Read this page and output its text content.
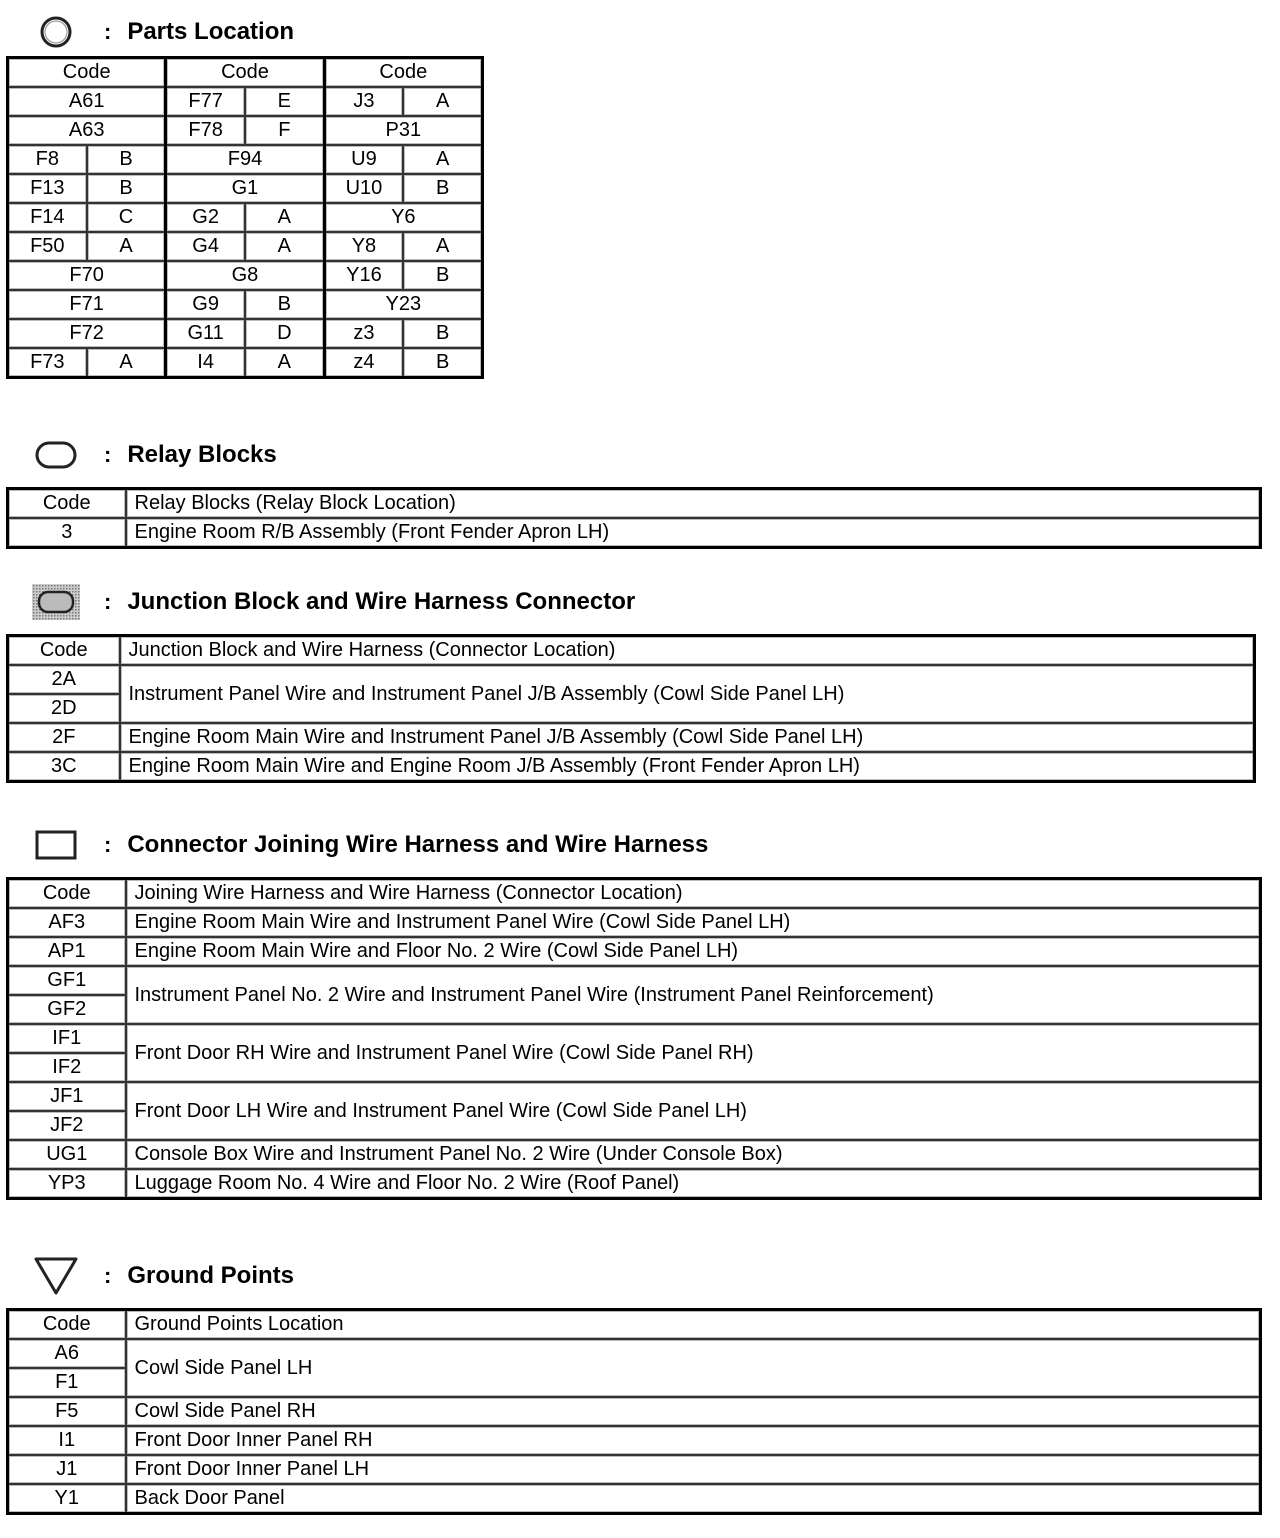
: Parts Location
Code		Code		Code	
A61		F77	E	J3	A
A63		F78	F	P31	
F8	B	F94		U9	A
F13	B	G1		U10	B
F14	C	G2	A	Y6	
F50	A	G4	A	Y8	A
F70		G8		Y16	B
F71		G9	B	Y23	
F72		G11	D	z3	B
F73	A	I4	A	z4	B
: Relay Blocks
Code	Relay Blocks (Relay Block Location)
3	Engine Room R/B Assembly (Front Fender Apron LH)
: Junction Block and Wire Harness Connector
Code	Junction Block and Wire Harness (Connector Location)
2A	Instrument Panel Wire and Instrument Panel J/B Assembly (Cowl Side Panel LH)
2D	
2F	Engine Room Main Wire and Instrument Panel J/B Assembly (Cowl Side Panel LH)
3C	Engine Room Main Wire and Engine Room J/B Assembly (Front Fender Apron LH)
: Connector Joining Wire Harness and Wire Harness
Code	Joining Wire Harness and Wire Harness (Connector Location)
AF3	Engine Room Main Wire and Instrument Panel Wire (Cowl Side Panel LH)
AP1	Engine Room Main Wire and Floor No. 2 Wire (Cowl Side Panel LH)
GF1	Instrument Panel No. 2 Wire and Instrument Panel Wire (Instrument Panel Reinforcement)
GF2	
IF1	Front Door RH Wire and Instrument Panel Wire (Cowl Side Panel RH)
IF2	
JF1	Front Door LH Wire and Instrument Panel Wire (Cowl Side Panel LH)
JF2	
UG1	Console Box Wire and Instrument Panel No. 2 Wire (Under Console Box)
YP3	Luggage Room No. 4 Wire and Floor No. 2 Wire (Roof Panel)
: Ground Points
Code	Ground Points Location
A6	Cowl Side Panel LH
F1	
F5	Cowl Side Panel RH
I1	Front Door Inner Panel RH
J1	Front Door Inner Panel LH
Y1	Back Door Panel
